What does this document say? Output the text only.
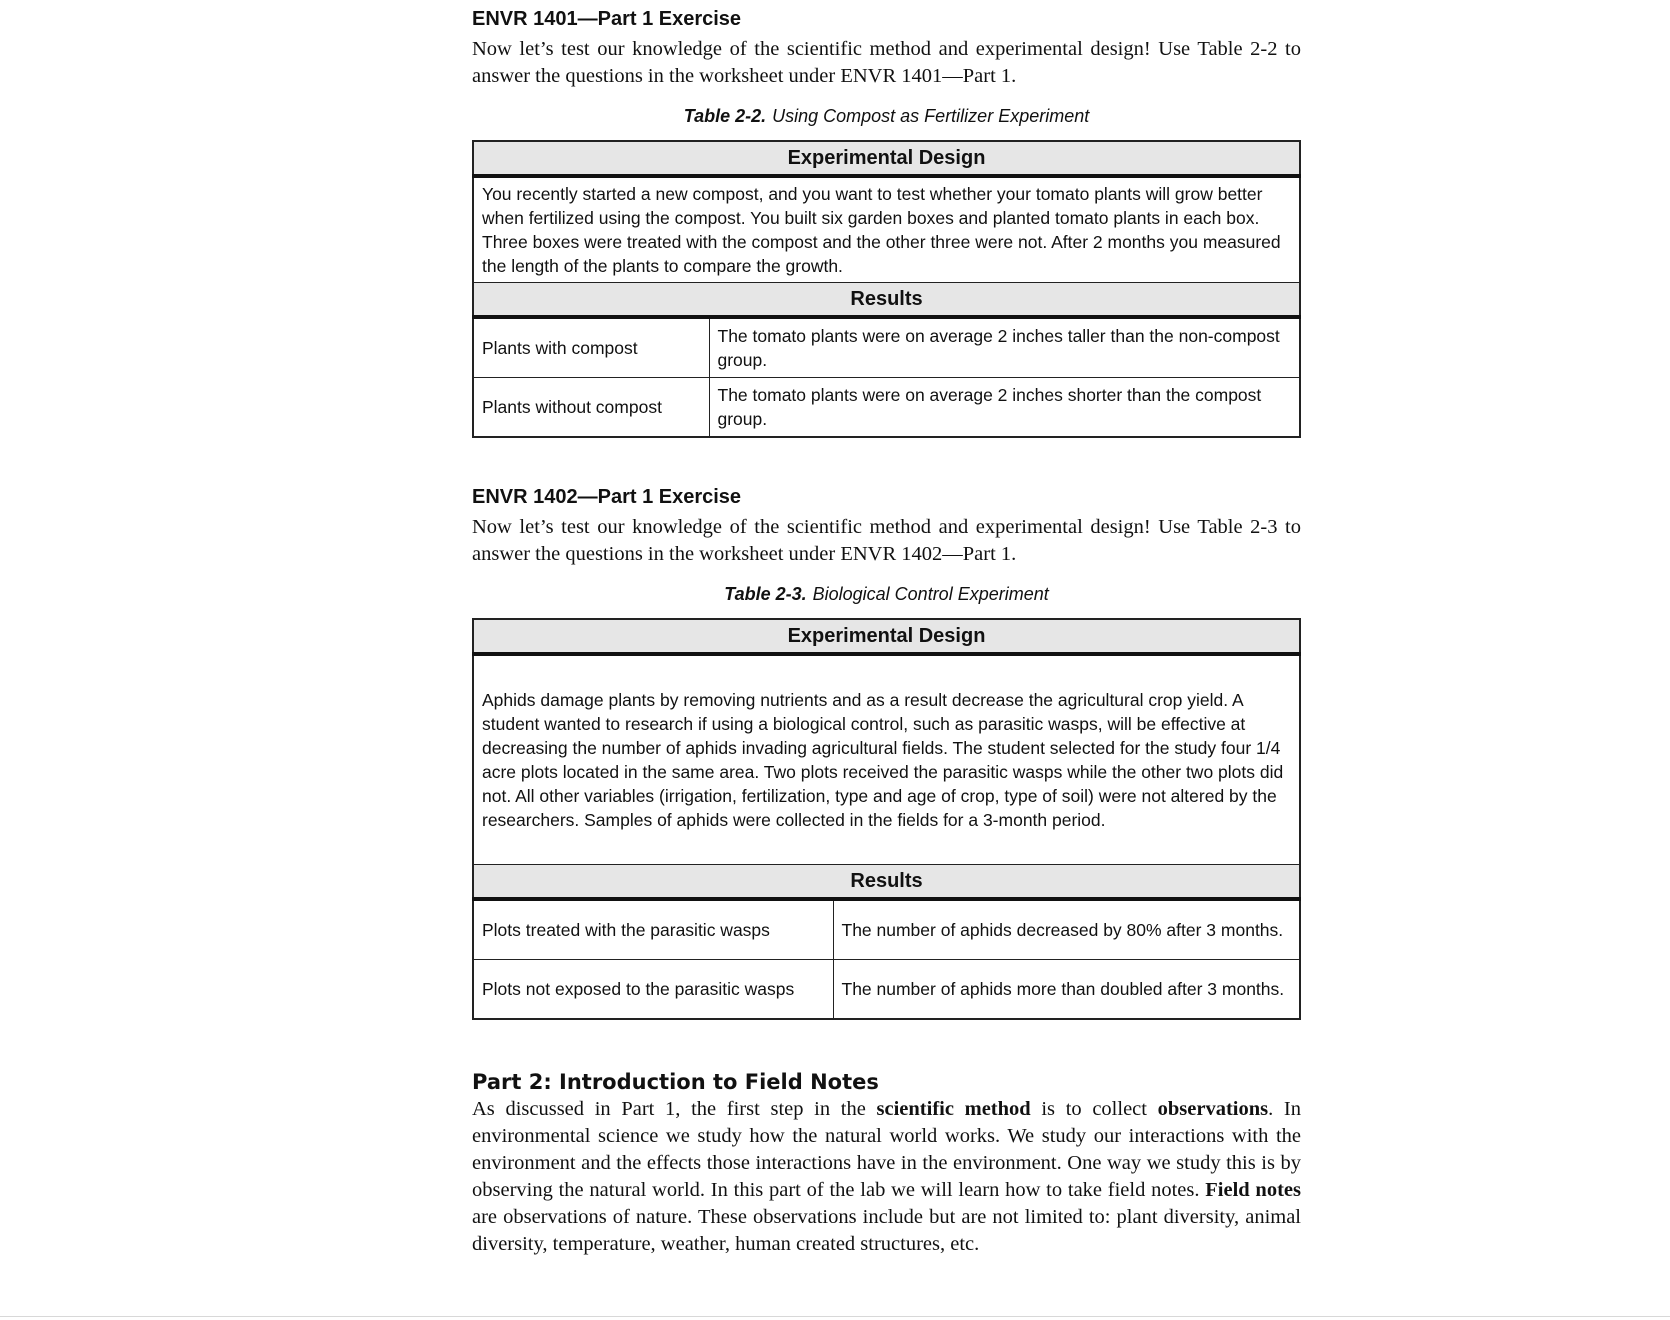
ENVR 1401—Part 1 Exercise

Now let’s test our knowledge of the scientific method and experimental design! Use Table 2-2 to answer the questions in the worksheet under ENVR 1401—Part 1.

Table 2-2. Using Compost as Fertilizer Experiment

Experimental Design	
You recently started a new compost, and you want to test whether your tomato plants will grow better when fertilized using the compost. You built six garden boxes and planted tomato plants in each box. Three boxes were treated with the compost and the other three were not. After 2 months you measured the length of the plants to compare the growth.	
Results	
Plants with compost	The tomato plants were on average 2 inches taller than the non-compost group.
Plants without compost	The tomato plants were on average 2 inches shorter than the compost group.
ENVR 1402—Part 1 Exercise

Now let’s test our knowledge of the scientific method and experimental design! Use Table 2-3 to answer the questions in the worksheet under ENVR 1402—Part 1.

Table 2-3. Biological Control Experiment

Experimental Design	
Aphids damage plants by removing nutrients and as a result decrease the agricultural crop yield. A student wanted to research if using a biological control, such as parasitic wasps, will be effective at decreasing the number of aphids invading agricultural fields. The student selected for the study four 1/4 acre plots located in the same area. Two plots received the parasitic wasps while the other two plots did not. All other variables (irrigation, fertilization, type and age of crop, type of soil) were not altered by the researchers. Samples of aphids were collected in the fields for a 3-month period.	
Results	
Plots treated with the parasitic wasps	The number of aphids decreased by 80% after 3 months.
Plots not exposed to the parasitic wasps	The number of aphids more than doubled after 3 months.
Part 2: Introduction to Field Notes

As discussed in Part 1, the first step in the scientific method is to collect observations. In environmental science we study how the natural world works. We study our interactions with the environment and the effects those interactions have in the environment. One way we study this is by observing the natural world. In this part of the lab we will learn how to take field notes. Field notes are observations of nature. These observations include but are not limited to: plant diversity, animal diversity, temperature, weather, human created structures, etc.
